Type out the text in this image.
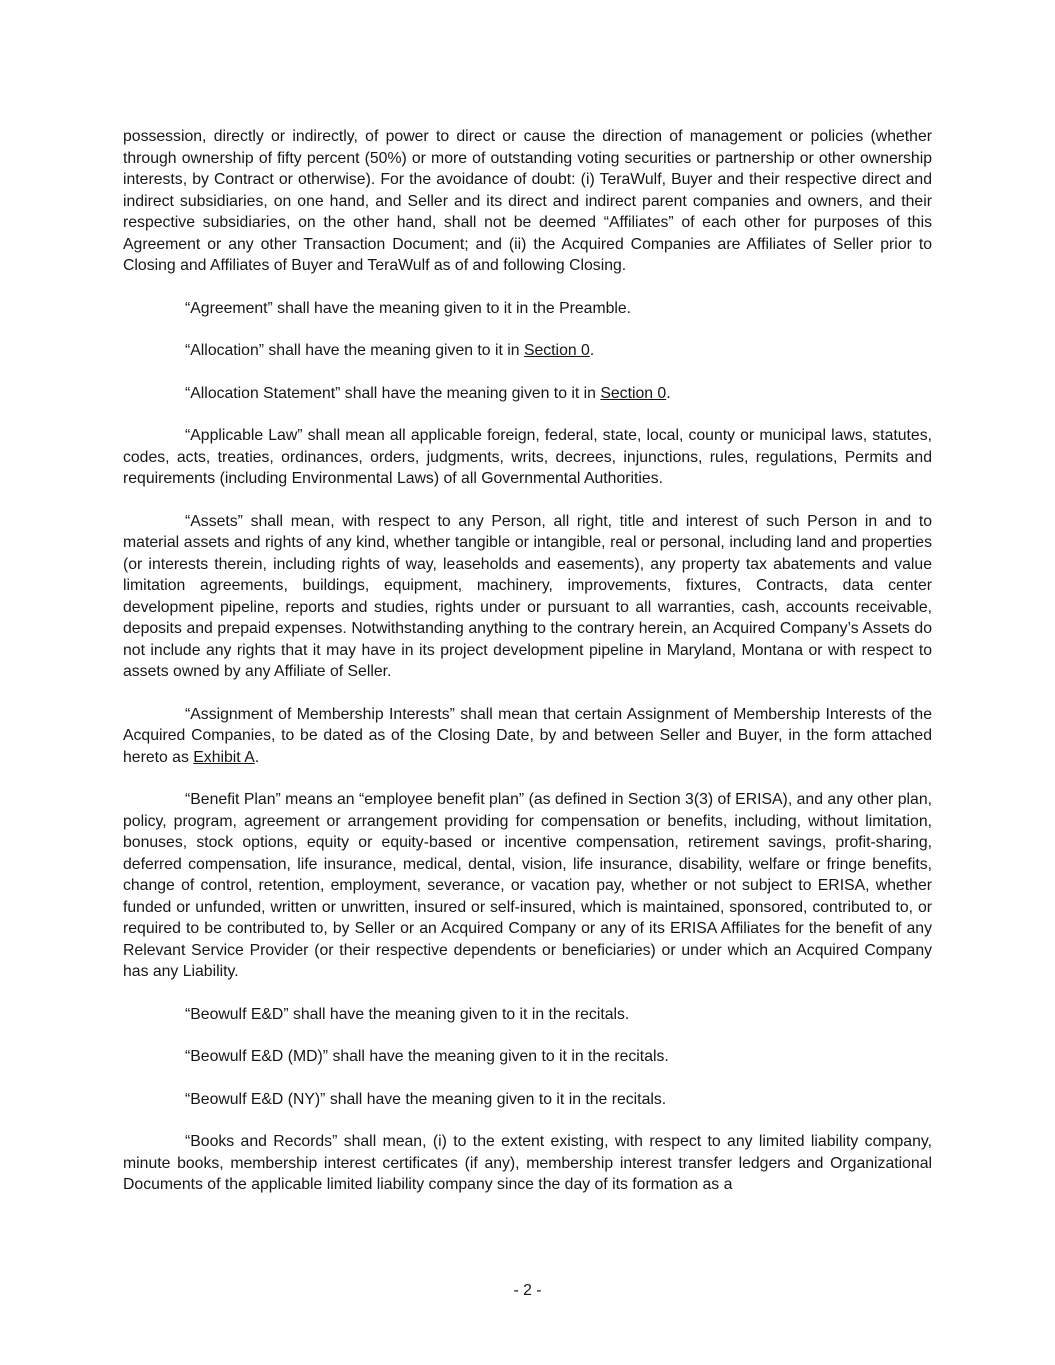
possession, directly or indirectly, of power to direct or cause the direction of management or policies (whether through ownership of fifty percent (50%) or more of outstanding voting securities or partnership or other ownership interests, by Contract or otherwise). For the avoidance of doubt: (i) TeraWulf, Buyer and their respective direct and indirect subsidiaries, on one hand, and Seller and its direct and indirect parent companies and owners, and their respective subsidiaries, on the other hand, shall not be deemed “Affiliates” of each other for purposes of this Agreement or any other Transaction Document; and (ii) the Acquired Companies are Affiliates of Seller prior to Closing and Affiliates of Buyer and TeraWulf as of and following Closing.

“Agreement” shall have the meaning given to it in the Preamble.

“Allocation” shall have the meaning given to it in Section 0.

“Allocation Statement” shall have the meaning given to it in Section 0.

“Applicable Law” shall mean all applicable foreign, federal, state, local, county or municipal laws, statutes, codes, acts, treaties, ordinances, orders, judgments, writs, decrees, injunctions, rules, regulations, Permits and requirements (including Environmental Laws) of all Governmental Authorities.

“Assets” shall mean, with respect to any Person, all right, title and interest of such Person in and to material assets and rights of any kind, whether tangible or intangible, real or personal, including land and properties (or interests therein, including rights of way, leaseholds and easements), any property tax abatements and value limitation agreements, buildings, equipment, machinery, improvements, fixtures, Contracts, data center development pipeline, reports and studies, rights under or pursuant to all warranties, cash, accounts receivable, deposits and prepaid expenses. Notwithstanding anything to the contrary herein, an Acquired Company’s Assets do not include any rights that it may have in its project development pipeline in Maryland, Montana or with respect to assets owned by any Affiliate of Seller.

“Assignment of Membership Interests” shall mean that certain Assignment of Membership Interests of the Acquired Companies, to be dated as of the Closing Date, by and between Seller and Buyer, in the form attached hereto as Exhibit A.

“Benefit Plan” means an “employee benefit plan” (as defined in Section 3(3) of ERISA), and any other plan, policy, program, agreement or arrangement providing for compensation or benefits, including, without limitation, bonuses, stock options, equity or equity-based or incentive compensation, retirement savings, profit-sharing, deferred compensation, life insurance, medical, dental, vision, life insurance, disability, welfare or fringe benefits, change of control, retention, employment, severance, or vacation pay, whether or not subject to ERISA, whether funded or unfunded, written or unwritten, insured or self-insured, which is maintained, sponsored, contributed to, or required to be contributed to, by Seller or an Acquired Company or any of its ERISA Affiliates for the benefit of any Relevant Service Provider (or their respective dependents or beneficiaries) or under which an Acquired Company has any Liability.

“Beowulf E&D” shall have the meaning given to it in the recitals.

“Beowulf E&D (MD)” shall have the meaning given to it in the recitals.

“Beowulf E&D (NY)” shall have the meaning given to it in the recitals.

“Books and Records” shall mean, (i) to the extent existing, with respect to any limited liability company, minute books, membership interest certificates (if any), membership interest transfer ledgers and Organizational Documents of the applicable limited liability company since the day of its formation as a

- 2 -
